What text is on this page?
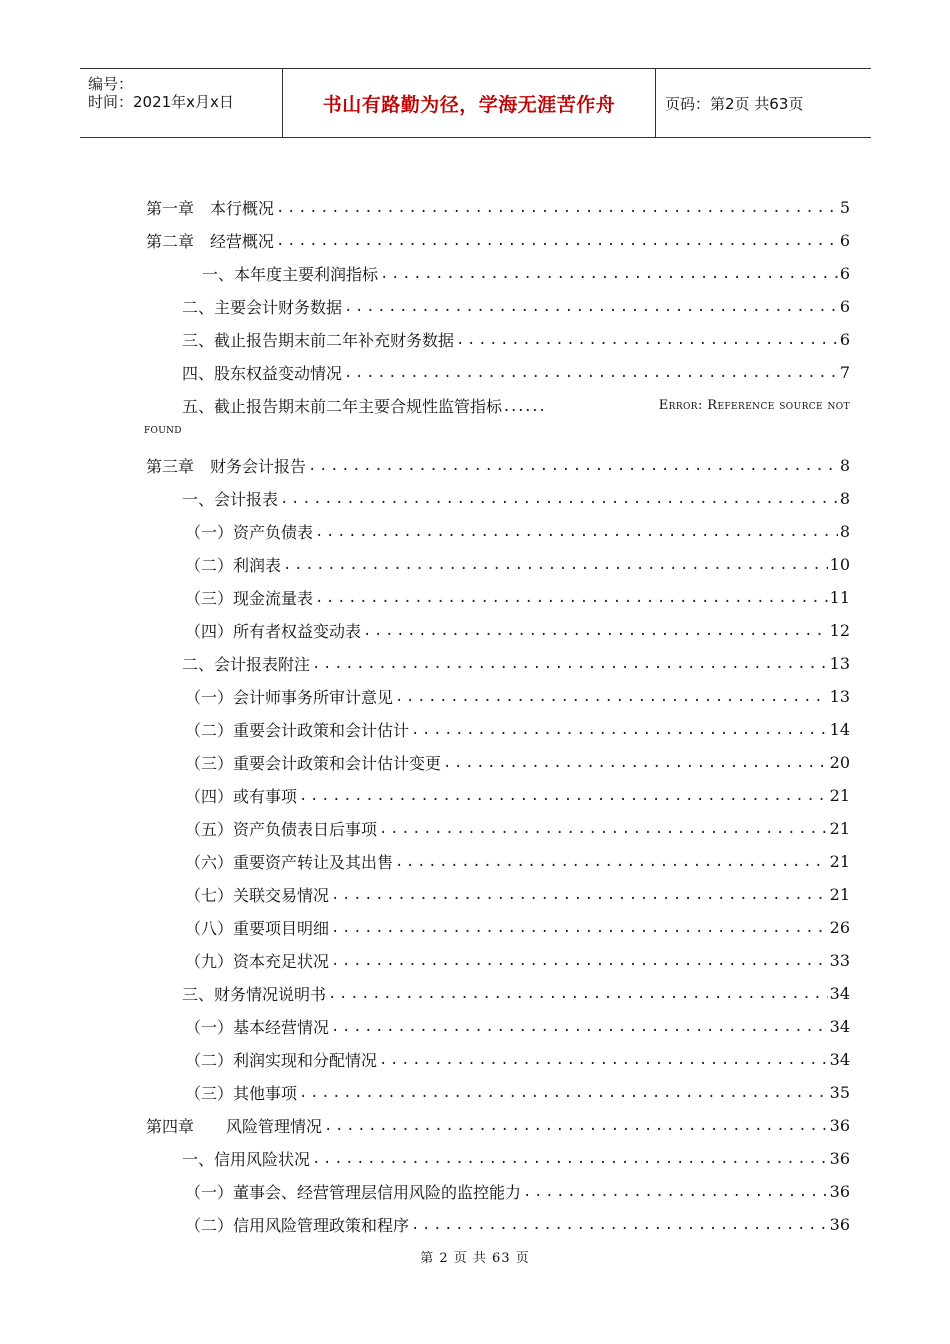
编号：
时间：2021年x月x日	书山有路勤为径，学海无涯苦作舟	页码：第2页 共63页
第一章　本行概况 .....	5
第二章　经营概况 .....	6
一、本年度主要利润指标 .....	6
二、主要会计财务数据 .....	6
三、截止报告期末前二年补充财务数据 .....	6
四、股东权益变动情况 .....	7
五、截止报告期末前二年主要合规性监管指标 ......	Error: Reference source not
found
第三章　财务会计报告 .....	8
一、会计报表 .....	8
（一）资产负债表 .....	8
（二）利润表 .....	10
（三）现金流量表 .....	11
（四）所有者权益变动表 .....	12
二、会计报表附注 .....	13
（一）会计师事务所审计意见 .....	13
（二）重要会计政策和会计估计 .....	14
（三）重要会计政策和会计估计变更 .....	20
（四）或有事项 .....	21
（五）资产负债表日后事项 .....	21
（六）重要资产转让及其出售 .....	21
（七）关联交易情况 .....	21
（八）重要项目明细 .....	26
（九）资本充足状况 .....	33
三、财务情况说明书 .....	34
（一）基本经营情况 .....	34
（二）利润实现和分配情况 .....	34
（三）其他事项 .....	35
第四章　　风险管理情况 .....	36
一、信用风险状况 .....	36
（一）董事会、经营管理层信用风险的监控能力 .....	36
（二）信用风险管理政策和程序 .....	36
第 2 页 共 63 页
